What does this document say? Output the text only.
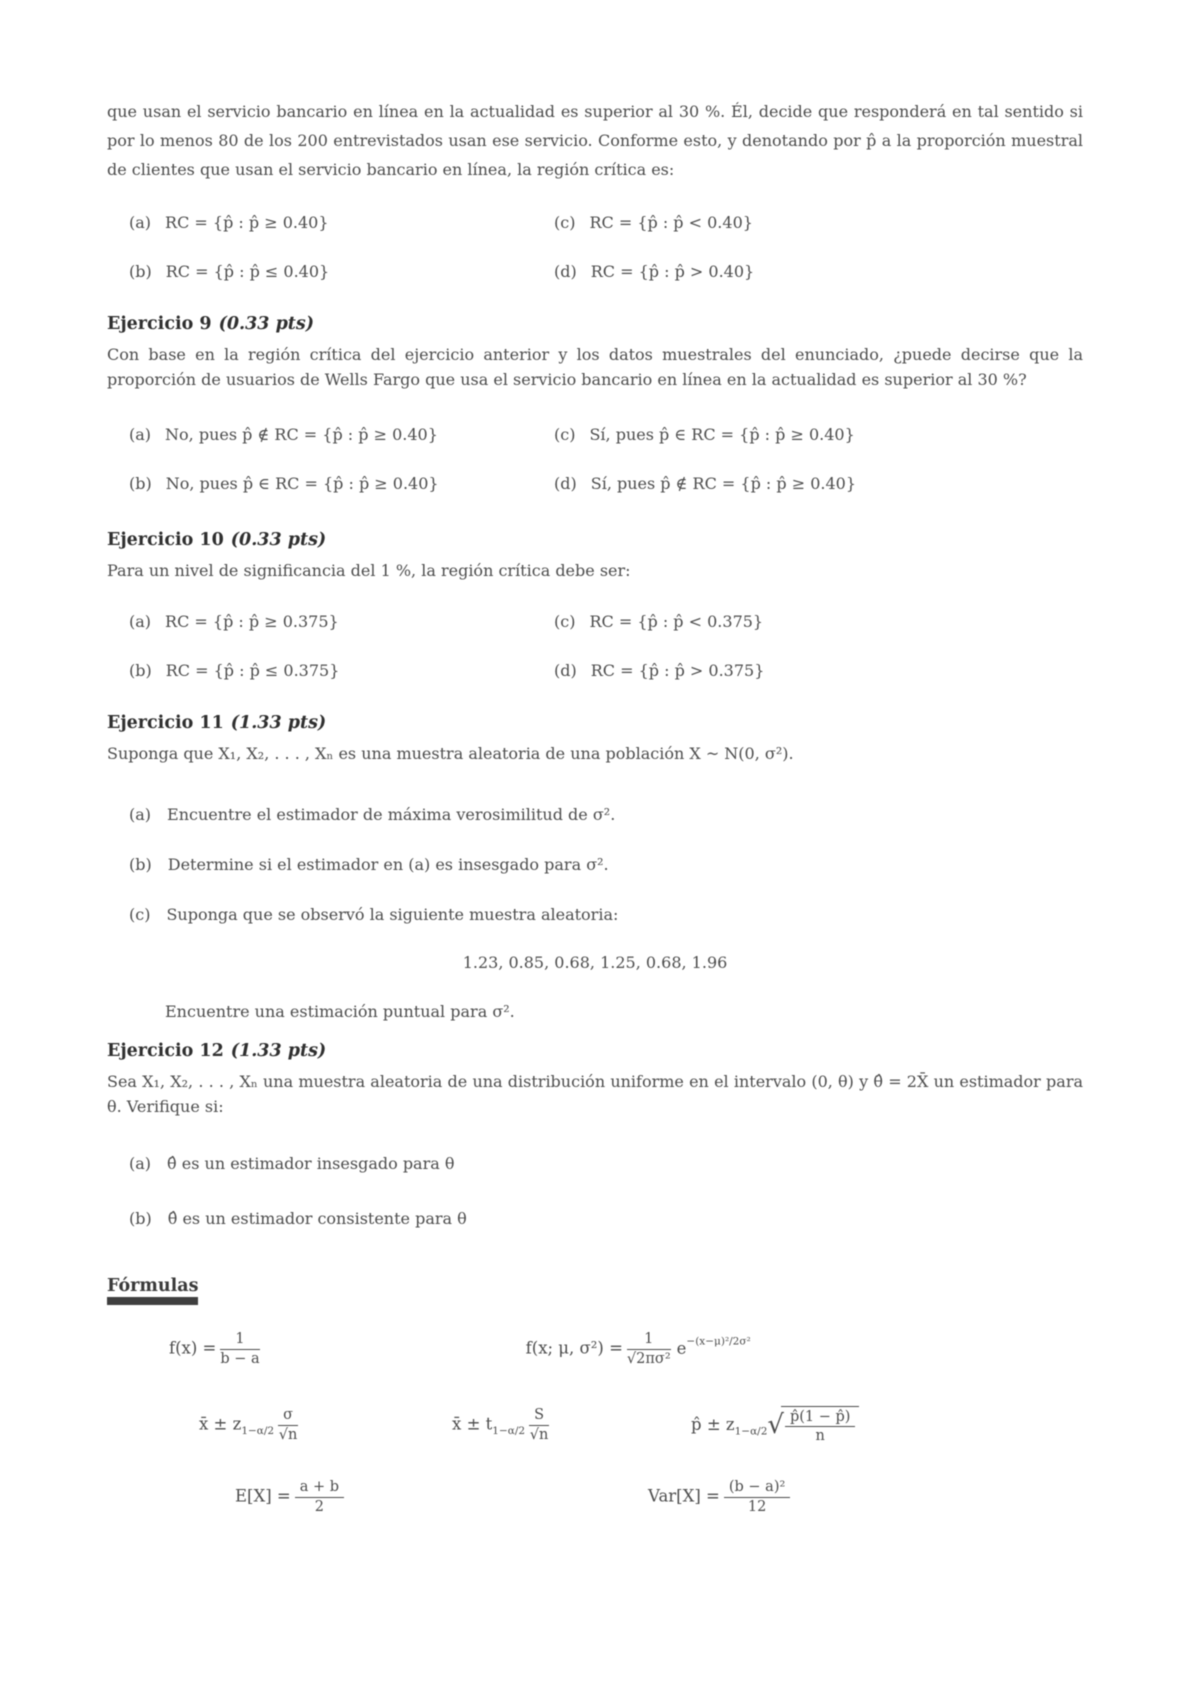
que usan el servicio bancario en línea en la actualidad es superior al 30 %. Él, decide que responderá en tal sentido si por lo menos 80 de los 200 entrevistados usan ese servicio. Conforme esto, y denotando por p̂ a la proporción muestral de clientes que usan el servicio bancario en línea, la región crítica es:

(a) RC = {p̂ : p̂ ≥ 0.40}
(b) RC = {p̂ : p̂ ≤ 0.40}
(c) RC = {p̂ : p̂ < 0.40}
(d) RC = {p̂ : p̂ > 0.40}
Ejercicio 9 (0.33 pts)

Con base en la región crítica del ejercicio anterior y los datos muestrales del enunciado, ¿puede decirse que la proporción de usuarios de Wells Fargo que usa el servicio bancario en línea en la actualidad es superior al 30 %?

(a) No, pues p̂ ∉ RC = {p̂ : p̂ ≥ 0.40}
(b) No, pues p̂ ∈ RC = {p̂ : p̂ ≥ 0.40}
(c) Sí, pues p̂ ∈ RC = {p̂ : p̂ ≥ 0.40}
(d) Sí, pues p̂ ∉ RC = {p̂ : p̂ ≥ 0.40}
Ejercicio 10 (0.33 pts)

Para un nivel de significancia del 1 %, la región crítica debe ser:

(a) RC = {p̂ : p̂ ≥ 0.375}
(b) RC = {p̂ : p̂ ≤ 0.375}
(c) RC = {p̂ : p̂ < 0.375}
(d) RC = {p̂ : p̂ > 0.375}
Ejercicio 11 (1.33 pts)

Suponga que X₁, X₂, . . . , Xₙ es una muestra aleatoria de una población X ~ N(0, σ²).

(a) Encuentre el estimador de máxima verosimilitud de σ².
(b) Determine si el estimador en (a) es insesgado para σ².
(c) Suponga que se observó la siguiente muestra aleatoria:

1.23, 0.85, 0.68, 1.25, 0.68, 1.96

Encuentre una estimación puntual para σ².

Ejercicio 12 (1.33 pts)

Sea X₁, X₂, . . . , Xₙ una muestra aleatoria de una distribución uniforme en el intervalo (0, θ) y θ̂ = 2X̄ un estimador para θ. Verifique si:

(a) θ̂ es un estimador insesgado para θ
(b) θ̂ es un estimador consistente para θ
Fórmulas
$f(x) = \frac{1}{b - a}$	f(x; μ, $\sigma^2) = \frac{1}{\text{√2πσ²}} e^{-(x-\mu)^2/2\sigma^2}$
x̄ ± $z_{1-\alpha/2} \frac{\sigma}{√n}$	x̄ ± $t_{1-\alpha/2} \frac{S}{√n}$	p̂ ± $z_{1-\alpha/2}√ \frac{p̂(1 - p̂)}{n}$
$E[X] = \frac{a + b}{2}$	$Var[X] = \frac{\text{(b − a)²}}{12}$
